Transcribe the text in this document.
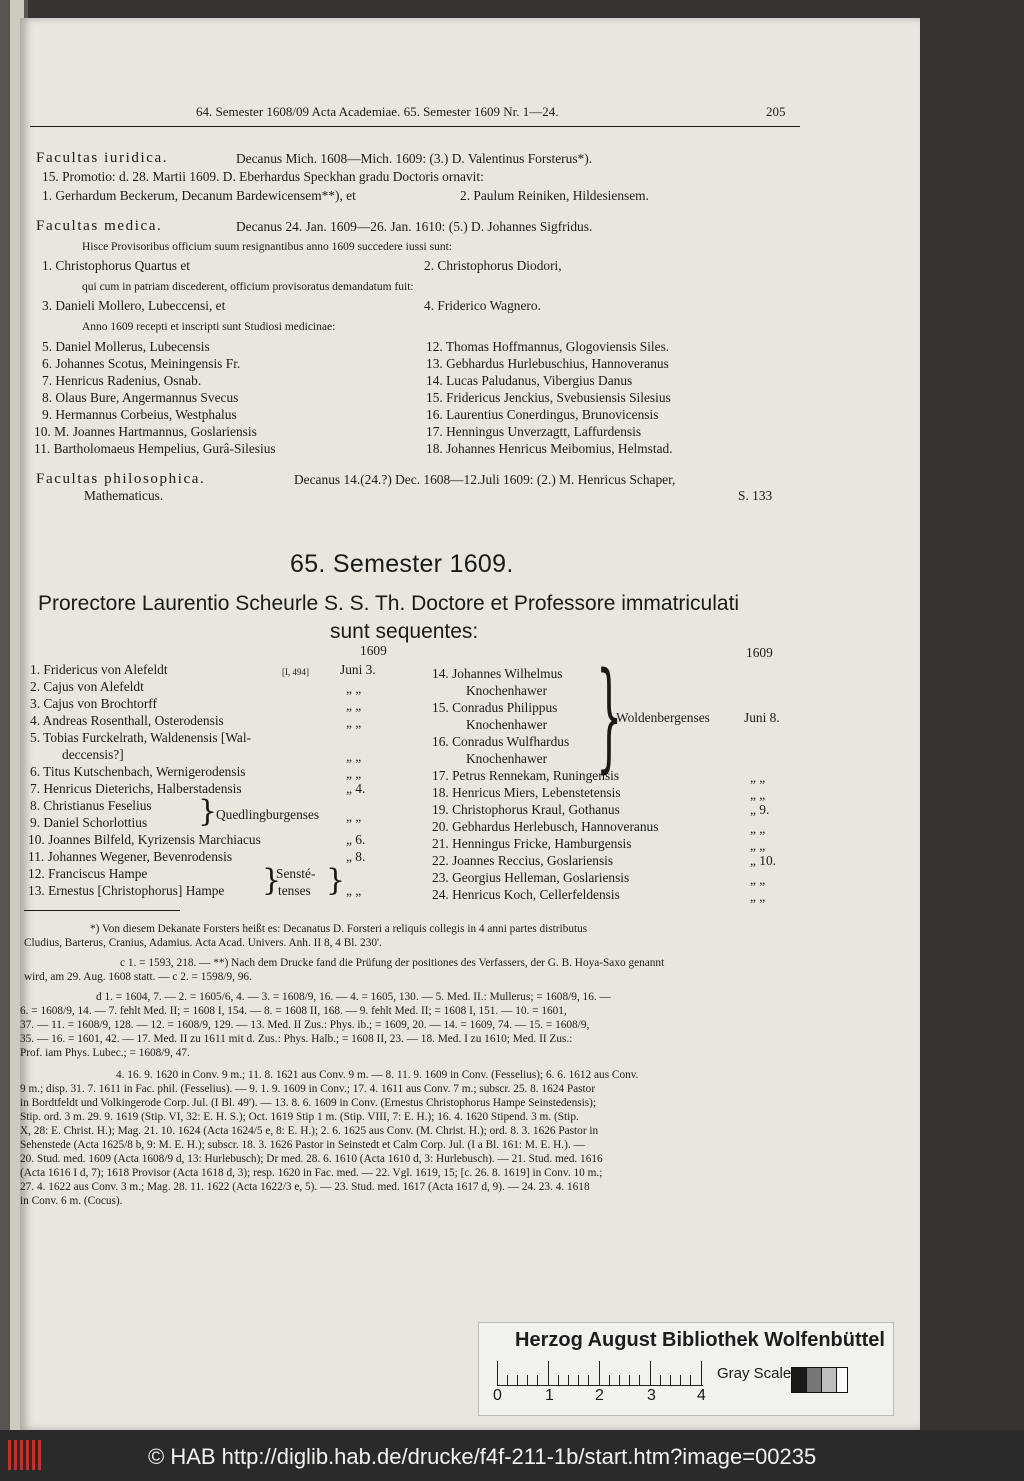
64. Semester 1608/09 Acta Academiae. 65. Semester 1609 Nr. 1—24.	205
Facultas iuridica.	Decanus Mich. 1608—Mich. 1609: (3.) D. Valentinus Forsterus*).
15. Promotio: d. 28. Martii 1609. D. Eberhardus Speckhan gradu Doctoris ornavit:
1. Gerhardum Beckerum, Decanum Bardewicensem**), et	2. Paulum Reiniken, Hildesiensem.
Facultas medica.	Decanus 24. Jan. 1609—26. Jan. 1610: (5.) D. Johannes Sigfridus.
Hisce Provisoribus officium suum resignantibus anno 1609 succedere iussi sunt:
1. Christophorus Quartus et	2. Christophorus Diodori,
qui cum in patriam discederent, officium provisoratus demandatum fuit:
3. Danieli Mollero, Lubeccensi, et	4. Friderico Wagnero.
Anno 1609 recepti et inscripti sunt Studiosi medicinae:
5. Daniel Mollerus, Lubecensis
6. Johannes Scotus, Meiningensis Fr.
7. Henricus Radenius, Osnab.
8. Olaus Bure, Angermannus Svecus
9. Hermannus Corbeius, Westphalus
10. M. Joannes Hartmannus, Goslariensis
11. Bartholomaeus Hempelius, Gurâ-Silesius
12. Thomas Hoffmannus, Glogoviensis Siles.
13. Gebhardus Hurlebuschius, Hannoveranus
14. Lucas Paludanus, Vibergius Danus
15. Fridericus Jenckius, Svebusiensis Silesius
16. Laurentius Conerdingus, Brunovicensis
17. Henningus Unverzagtt, Laffurdensis
18. Johannes Henricus Meibomius, Helmstad.
Facultas philosophica.	Decanus 14.(24.?) Dec. 1608—12.Juli 1609: (2.) M. Henricus Schaper,
Mathematicus.	S. 133
65. Semester 1609.
Prorectore Laurentio Scheurle S. S. Th. Doctore et Professore immatriculati
sunt sequentes:
1609	1609
[I, 494]
1. Fridericus von Alefeldt	Juni 3.
2. Cajus von Alefeldt	„ „
3. Cajus von Brochtorff	„ „
4. Andreas Rosenthall, Osterodensis	„ „
5. Tobias Furckelrath, Waldenensis [Wal-
deccensis?]	„ „
6. Titus Kutschenbach, Wernigerodensis	„ „
7. Henricus Dieterichs, Halberstadensis	„ 4.
8. Christianus Feselius
9. Daniel Schorlottius }
Quedlingburgenses „ „
10. Joannes Bilfeld, Kyrizensis Marchiacus	„ 6.
11. Johannes Wegener, Bevenrodensis	„ 8.
12. Franciscus Hampe
13. Ernestus [Christophorus] Hampe }
Sensté-
tenses } „ „
14. Johannes Wilhelmus
Knochenhawer
15. Conradus Philippus
Knochenhawer
16. Conradus Wulfhardus
Knochenhawer }
Woldenbergenses	Juni 8.
17. Petrus Rennekam, Runingensis	„ „
18. Henricus Miers, Lebenstetensis	„ „
19. Christophorus Kraul, Gothanus	„ 9.
20. Gebhardus Herlebusch, Hannoveranus	„ „
21. Henningus Fricke, Hamburgensis	„ „
22. Joannes Reccius, Goslariensis	„ 10.
23. Georgius Helleman, Goslariensis	„ „
24. Henricus Koch, Cellerfeldensis	„ „
*) Von diesem Dekanate Forsters heißt es: Decanatus D. Forsteri a reliquis collegis in 4 anni partes distributus
Cludius, Barterus, Cranius, Adamius. Acta Acad. Univers. Anh. II 8, 4 Bl. 230'.
c 1. = 1593, 218. — **) Nach dem Drucke fand die Prüfung der positiones des Verfassers, der G. B. Hoya-Saxo genannt
wird, am 29. Aug. 1608 statt. — c 2. = 1598/9, 96.
d 1. = 1604, 7. — 2. = 1605/6, 4. — 3. = 1608/9, 16. — 4. = 1605, 130. — 5. Med. II.: Mullerus; = 1608/9, 16. —
6. = 1608/9, 14. — 7. fehlt Med. II; = 1608 I, 154. — 8. = 1608 II, 168. — 9. fehlt Med. II; = 1608 I, 151. — 10. = 1601,
37. — 11. = 1608/9, 128. — 12. = 1608/9, 129. — 13. Med. II Zus.: Phys. ib.; = 1609, 20. — 14. = 1609, 74. — 15. = 1608/9,
35. — 16. = 1601, 42. — 17. Med. II zu 1611 mit d. Zus.: Phys. Halb.; = 1608 II, 23. — 18. Med. I zu 1610; Med. II Zus.:
Prof. iam Phys. Lubec.; = 1608/9, 47.
4. 16. 9. 1620 in Conv. 9 m.; 11. 8. 1621 aus Conv. 9 m. — 8. 11. 9. 1609 in Conv. (Fesselius); 6. 6. 1612 aus Conv.
9 m.; disp. 31. 7. 1611 in Fac. phil. (Fesselius). — 9. 1. 9. 1609 in Conv.; 17. 4. 1611 aus Conv. 7 m.; subscr. 25. 8. 1624 Pastor
in Bordtfeldt und Volkingerode Corp. Jul. (I Bl. 49'). — 13. 8. 6. 1609 in Conv. (Ernestus Christophorus Hampe Seinstedensis);
Stip. ord. 3 m. 29. 9. 1619 (Stip. VI, 32: E. H. S.); Oct. 1619 Stip 1 m. (Stip. VIII, 7: E. H.); 16. 4. 1620 Stipend. 3 m. (Stip.
X, 28: E. Christ. H.); Mag. 21. 10. 1624 (Acta 1624/5 e, 8: E. H.); 2. 6. 1625 aus Conv. (M. Christ. H.); ord. 8. 3. 1626 Pastor in
Sehenstede (Acta 1625/8 b, 9: M. E. H.); subscr. 18. 3. 1626 Pastor in Seinstedt et Calm Corp. Jul. (I a Bl. 161: M. E. H.). —
20. Stud. med. 1609 (Acta 1608/9 d, 13: Hurlebusch); Dr med. 28. 6. 1610 (Acta 1610 d, 3: Hurlebusch). — 21. Stud. med. 1616
(Acta 1616 I d, 7); 1618 Provisor (Acta 1618 d, 3); resp. 1620 in Fac. med. — 22. Vgl. 1619, 15; [c. 26. 8. 1619] in Conv. 10 m.;
27. 4. 1622 aus Conv. 3 m.; Mag. 28. 11. 1622 (Acta 1622/3 e, 5). — 23. Stud. med. 1617 (Acta 1617 d, 9). — 24. 23. 4. 1618
in Conv. 6 m. (Cocus).
Herzog August Bibliothek Wolfenbüttel
0	1	2	3	4
Gray Scale
© HAB http://diglib.hab.de/drucke/f4f-211-1b/start.htm?image=00235
